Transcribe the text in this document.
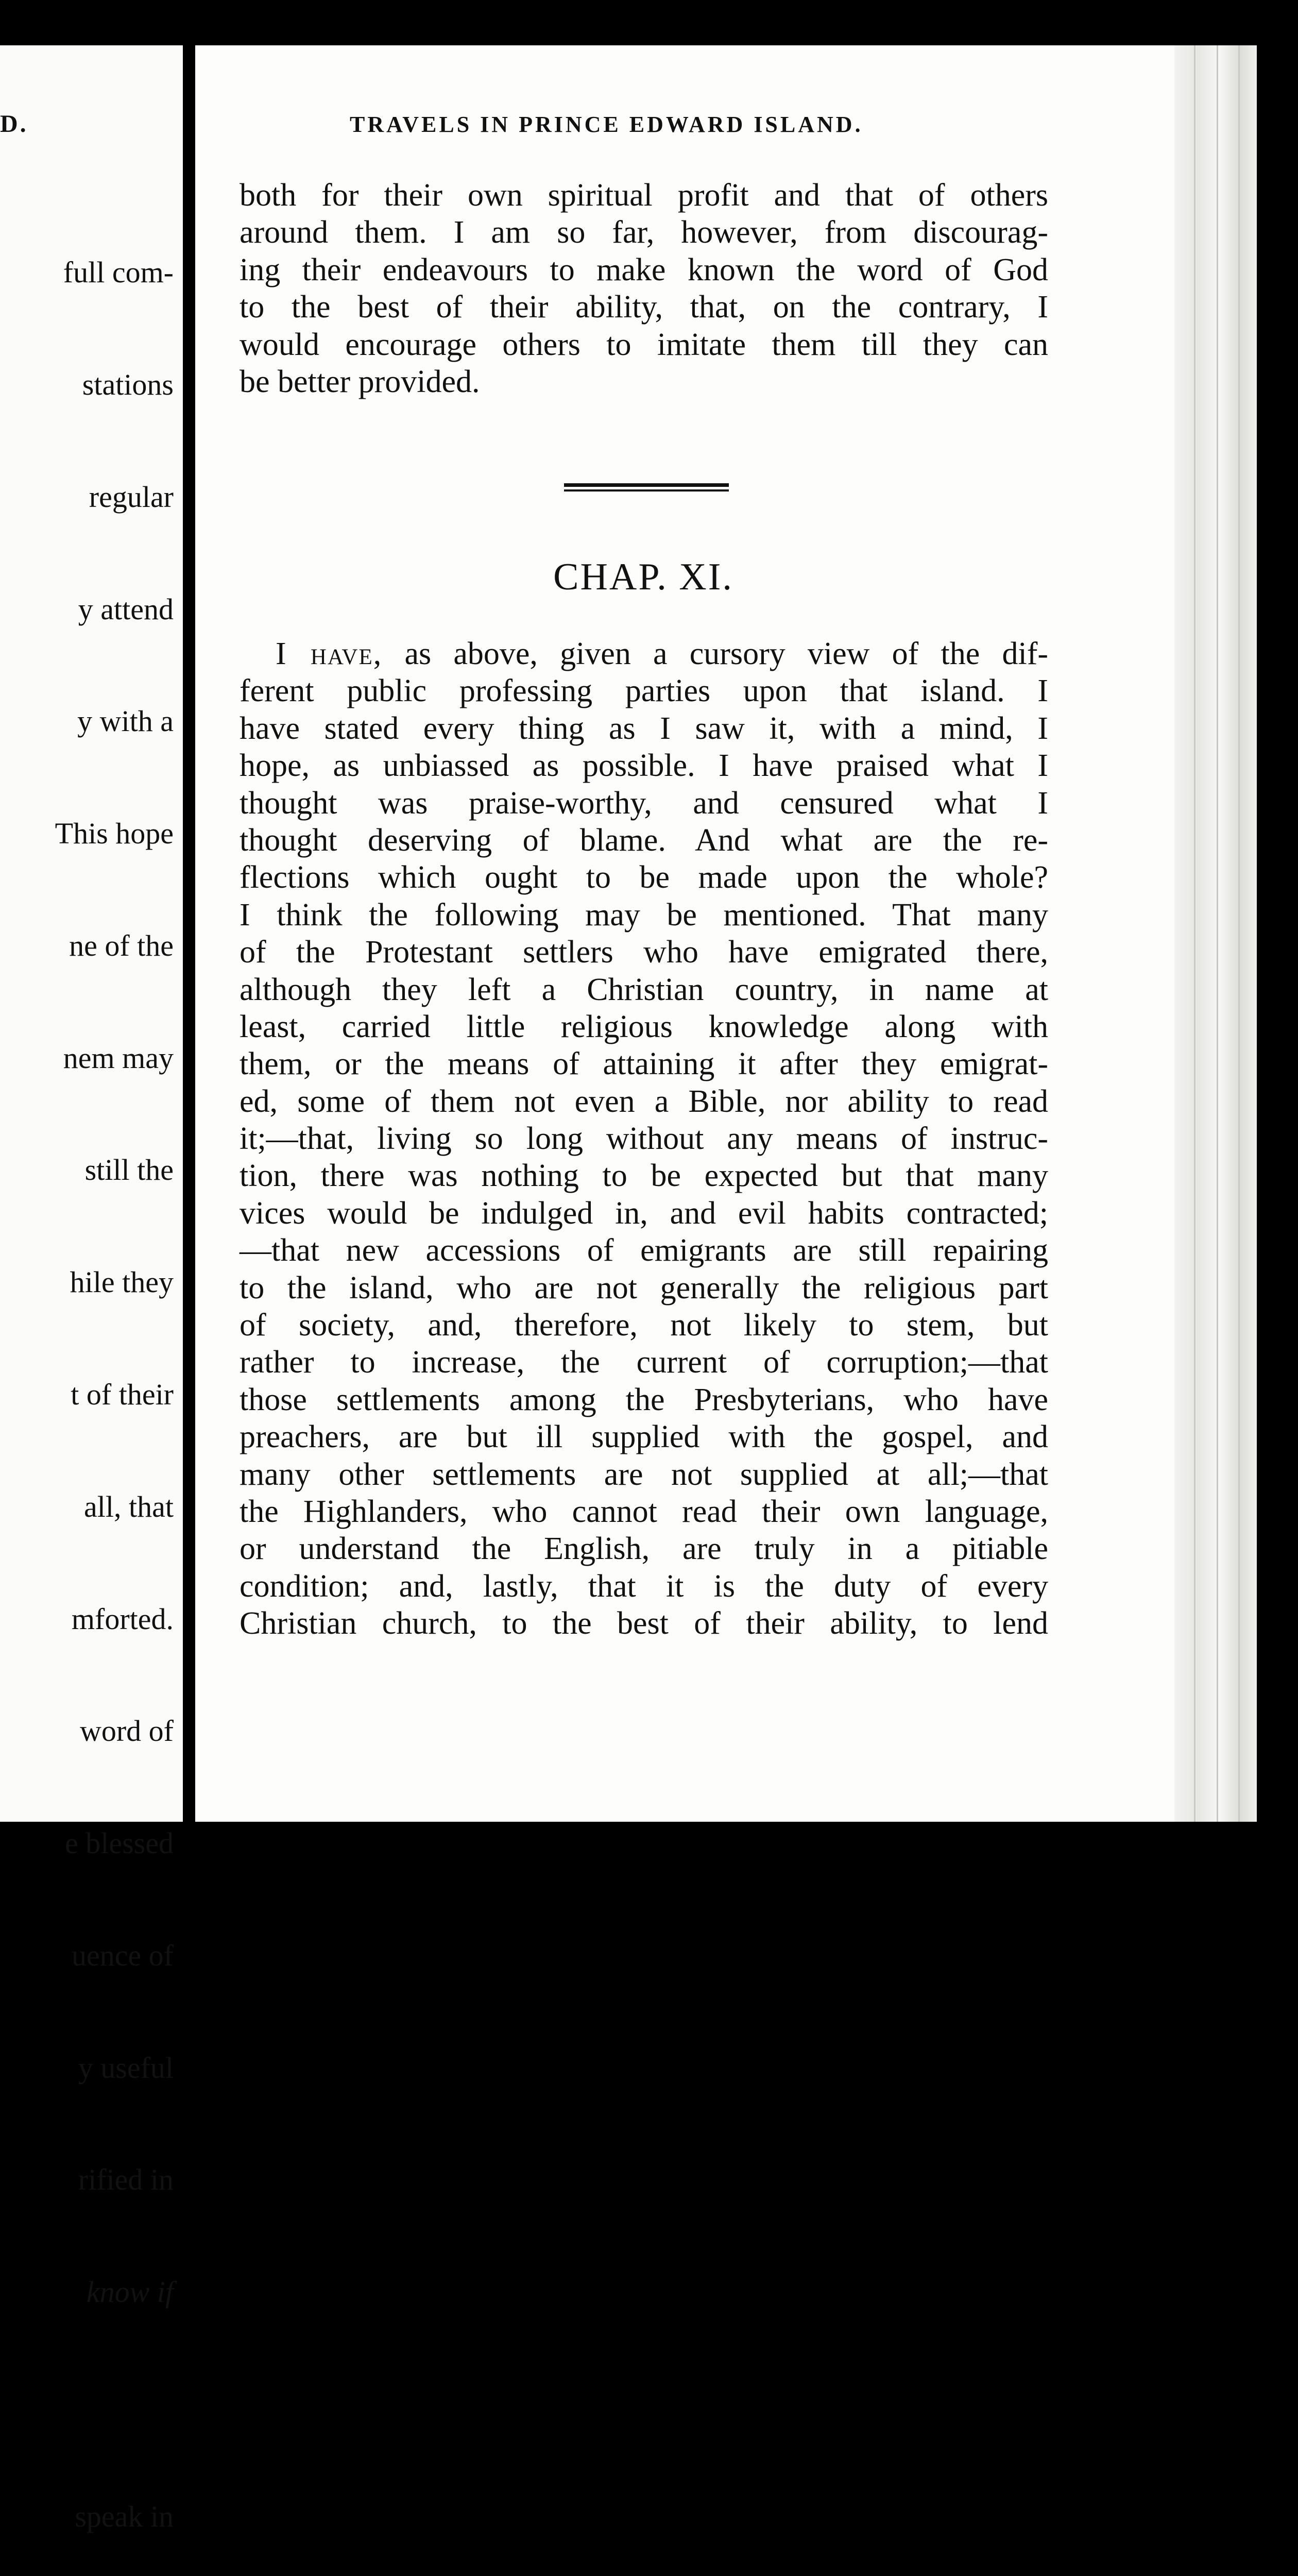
D.

full com-

stations

regular

y attend

y with a

This hope

ne of the

nem may

still the

hile they

t of their

all, that

mforted.

word of

e blessed

uence of

y useful

rified in

know if

speak in

TRAVELS IN PRINCE EDWARD ISLAND.
both for their own spiritual profit and that of others
around them. I am so far, however, from discourag-
ing their endeavours to make known the word of God
to the best of their ability, that, on the contrary, I
would encourage others to imitate them till they can
be better provided.
CHAP. XI.
I have, as above, given a cursory view of the dif-
ferent public professing parties upon that island. I
have stated every thing as I saw it, with a mind, I
hope, as unbiassed as possible. I have praised what I
thought was praise-worthy, and censured what I
thought deserving of blame. And what are the re-
flections which ought to be made upon the whole?
I think the following may be mentioned. That many
of the Protestant settlers who have emigrated there,
although they left a Christian country, in name at
least, carried little religious knowledge along with
them, or the means of attaining it after they emigrat-
ed, some of them not even a Bible, nor ability to read
it;—that, living so long without any means of instruc-
tion, there was nothing to be expected but that many
vices would be indulged in, and evil habits contracted;
—that new accessions of emigrants are still repairing
to the island, who are not generally the religious part
of society, and, therefore, not likely to stem, but
rather to increase, the current of corruption;—that
those settlements among the Presbyterians, who have
preachers, are but ill supplied with the gospel, and
many other settlements are not supplied at all;—that
the Highlanders, who cannot read their own language,
or understand the English, are truly in a pitiable
condition; and, lastly, that it is the duty of every
Christian church, to the best of their ability, to lend
